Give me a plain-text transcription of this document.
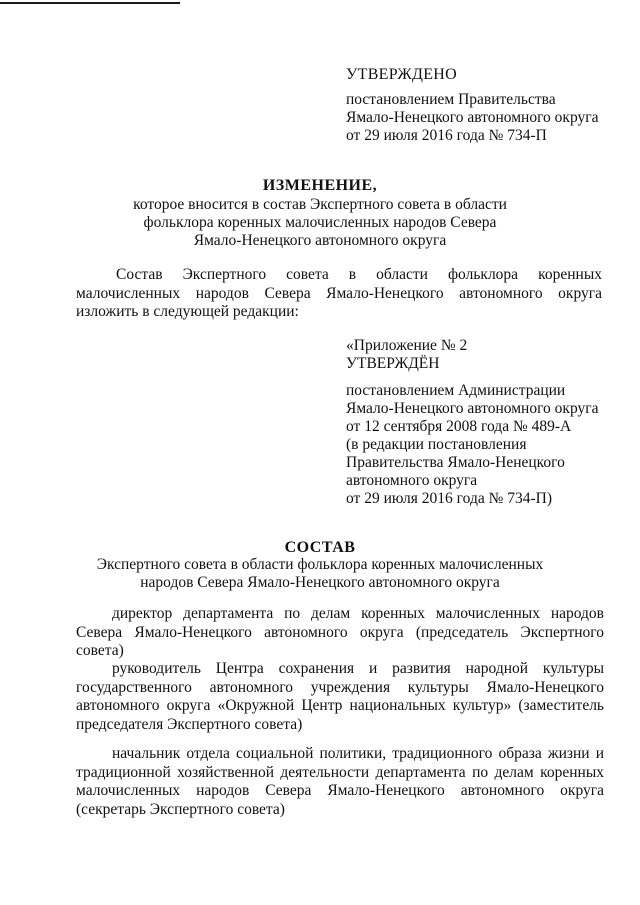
УТВЕРЖДЕНО
постановлением Правительства
Ямало-Ненецкого автономного округа
от 29 июля 2016 года № 734-П
ИЗМЕНЕНИЕ,
которое вносится в состав Экспертного совета в области
фольклора коренных малочисленных народов Севера
Ямало-Ненецкого автономного округа
Состав Экспертного совета в области фольклора коренных малочисленных народов Севера Ямало-Ненецкого автономного округа изложить в следующей редакции:
«Приложение № 2
УТВЕРЖДЁН
постановлением Администрации
Ямало-Ненецкого автономного округа
от 12 сентября 2008 года № 489-А
(в редакции постановления
Правительства Ямало-Ненецкого
автономного округа
от 29 июля 2016 года № 734-П)
СОСТАВ
Экспертного совета в области фольклора коренных малочисленных
народов Севера Ямало-Ненецкого автономного округа
директор департамента по делам коренных малочисленных народов Севера Ямало-Ненецкого автономного округа (председатель Экспертного совета)
руководитель Центра сохранения и развития народной культуры государственного автономного учреждения культуры Ямало-Ненецкого автономного округа «Окружной Центр национальных культур» (заместитель председателя Экспертного совета)
начальник отдела социальной политики, традиционного образа жизни и традиционной хозяйственной деятельности департамента по делам коренных малочисленных народов Севера Ямало-Ненецкого автономного округа (секретарь Экспертного совета)
